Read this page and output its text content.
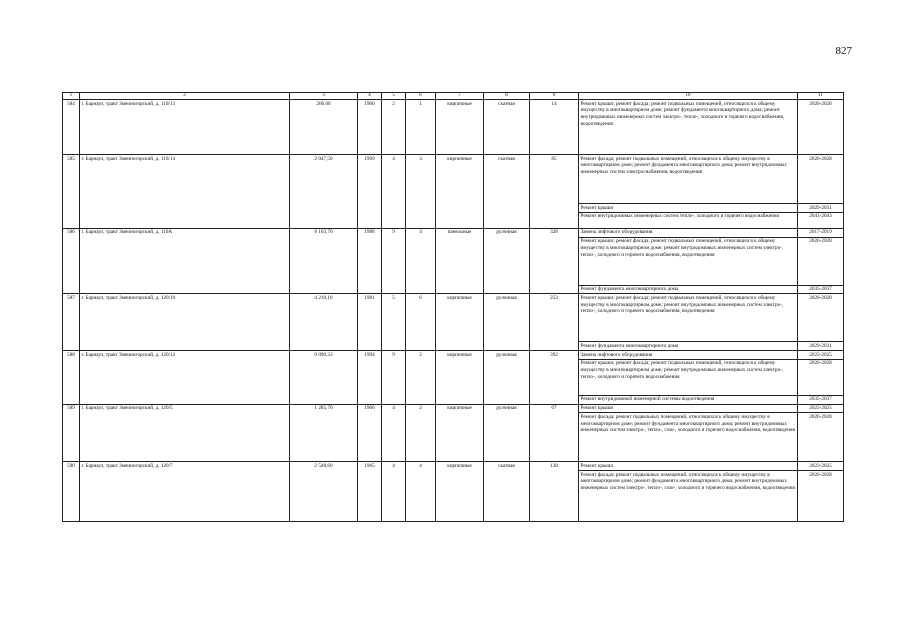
827
1	2	3	4	5	6	7	8	9	10	11
584	г. Барнаул, тракт Змеиногорский, д. 110/13	266,60	1960	2	1	кирпичные	скатная	14	Ремонт крыши; ремонт фасада; ремонт подвальных помещений, относящихся к общему имуществу в многоквартирном доме; ремонт фундамента многоквартирного дома; ремонт внутридомовых инженерных систем электро-, тепло-, холодного и горячего водоснабжения, водоотведения	2026-2028
585	г. Барнаул, тракт Змеиногорский, д. 110/14	2 047,50	1969	4	3	кирпичные	скатная	85	Ремонт фасада; ремонт подвальных помещений, относящихся к общему имуществу в многоквартирном доме; ремонт фундамента многоквартирного дома; ремонт внутридомовых инженерных систем электроснабжения, водоотведения	2026-2028
									Ремонт крыши	2029-2031
									Ремонт внутридомовых инженерных систем тепло-, холодного и горячего водоснабжения	2041-2043
586	г. Барнаул, тракт Змеиногорский, д. 110А	8 163,70	1988	9	4	панельные	рулонная	328	Замена лифтового оборудования	2017-2019
									Ремонт крыши; ремонт фасада; ремонт подвальных помещений, относящихся к общему имуществу в многоквартирном доме; ремонт внутридомовых инженерных систем электро-, тепло-, холодного и горячего водоснабжения, водоотведения	2026-2028
									Ремонт фундамента многоквартирного дома	2035-2037
587	г. Барнаул, тракт Змеиногорский, д. 120/10	4 210,10	1981	5	6	кирпичные	рулонная	253	Ремонт крыши; ремонт фасада; ремонт подвальных помещений, относящихся к общему имуществу в многоквартирном доме; ремонт внутридомовых инженерных систем электро-, тепло-, холодного и горячего водоснабжения, водоотведения	2026-2028
									Ремонт фундамента многоквартирного дома	2029-2031
588	г. Барнаул, тракт Змеиногорский, д. 120/12	9 090,33	1994	9	2	кирпичные	рулонная	392	Замена лифтового оборудования	2023-2025
									Ремонт крыши; ремонт фасада; ремонт подвальных помещений, относящихся к общему имуществу в многоквартирном доме; ремонт внутридомовых инженерных систем электро-, тепло-, холодного и горячего водоснабжения	2026-2028
									Ремонт внутридомовой инженерной системы водоотведения	2035-2037
589	г. Барнаул, тракт Змеиногорский, д. 120/5	1 285,70	1966	4	2	кирпичные	рулонная	67	Ремонт крыши	2023-2025
									Ремонт фасада; ремонт подвальных помещений, относящихся к общему имуществу в многоквартирном доме; ремонт фундамента многоквартирного дома; ремонт внутридомовых инженерных систем электро-, тепло-, газо-, холодного и горячего водоснабжения, водоотведения	2026-2028
590	г. Барнаул, тракт Змеиногорский, д. 120/7	2 548,60	1965	4	4	кирпичные	скатная	128	Ремонт крыши	2023-2025
									Ремонт фасада; ремонт подвальных помещений, относящихся к общему имуществу в многоквартирном доме; ремонт фундамента многоквартирного дома; ремонт внутридомовых инженерных систем электро-, тепло-, газо-, холодного и горячего водоснабжения, водоотведения	2026-2028
